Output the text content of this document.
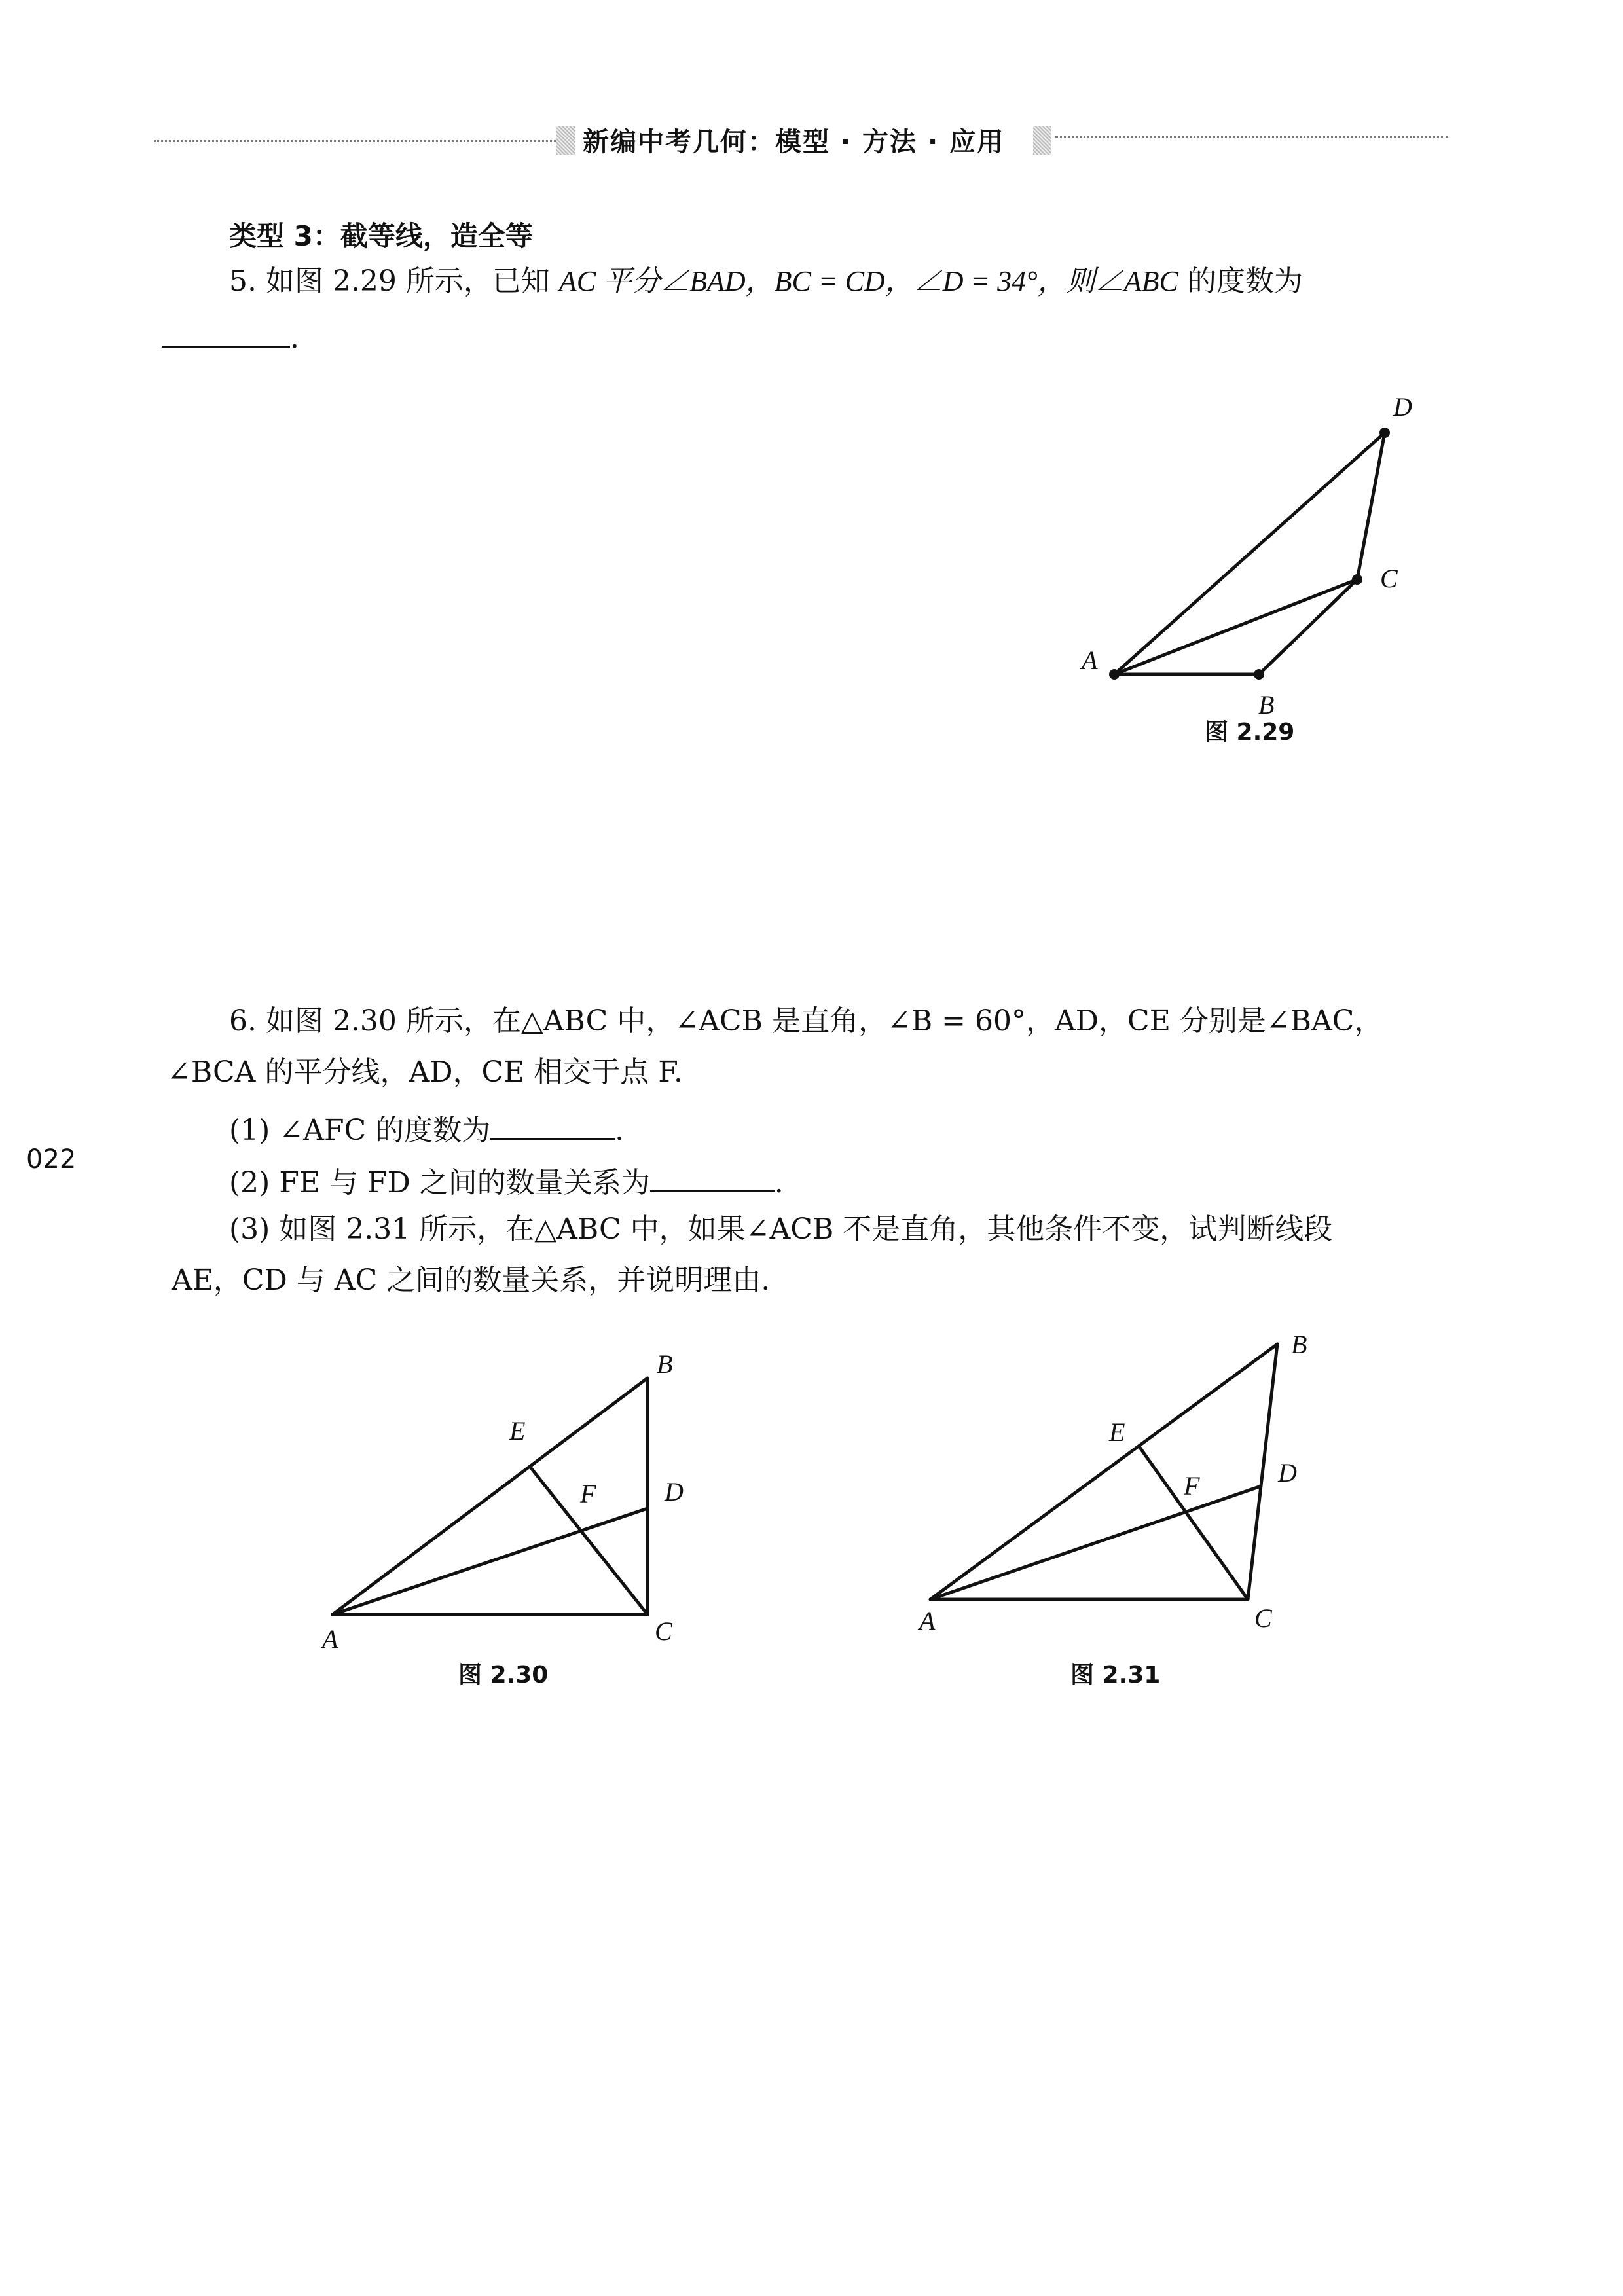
新编中考几何：模型 · 方法 · 应用
022
类型 3：截等线，造全等
5. 如图 2.29 所示，已知 AC 平分∠BAD，BC = CD，∠D = 34°，则∠ABC 的度数为
.
A
B
C
D
图 2.29
6. 如图 2.30 所示，在△ABC 中，∠ACB 是直角，∠B = 60°，AD，CE 分别是∠BAC，
∠BCA 的平分线，AD，CE 相交于点 F.
(1) ∠AFC 的度数为	.
(2) FE 与 FD 之间的数量关系为	.
(3) 如图 2.31 所示，在△ABC 中，如果∠ACB 不是直角，其他条件不变，试判断线段
AE，CD 与 AC 之间的数量关系，并说明理由.
A
B
C
D
E
F
图 2.30
A
B
C
D
E
F
图 2.31
